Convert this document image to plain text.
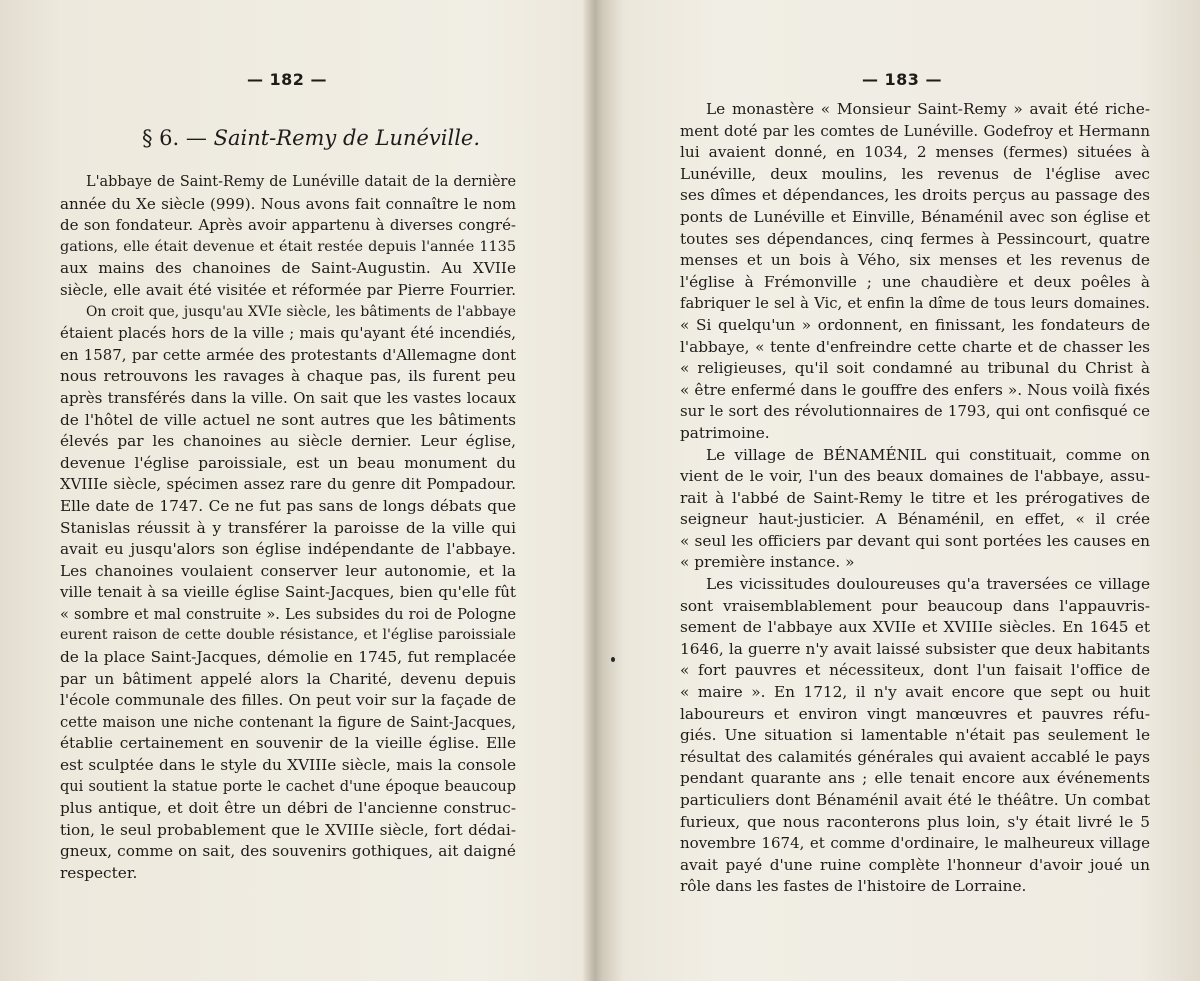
— 182 —
§ 6. — Saint-Remy de Lunéville.
L'abbaye de Saint-Remy de Lunéville datait de la dernière
année du Xe siècle (999). Nous avons fait connaître le nom
de son fondateur. Après avoir appartenu à diverses congré-
gations, elle était devenue et était restée depuis l'année 1135
aux mains des chanoines de Saint-Augustin. Au XVIIe
siècle, elle avait été visitée et réformée par Pierre Fourrier.
On croit que, jusqu'au XVIe siècle, les bâtiments de l'abbaye
étaient placés hors de la ville ; mais qu'ayant été incendiés,
en 1587, par cette armée des protestants d'Allemagne dont
nous retrouvons les ravages à chaque pas, ils furent peu
après transférés dans la ville. On sait que les vastes locaux
de l'hôtel de ville actuel ne sont autres que les bâtiments
élevés par les chanoines au siècle dernier. Leur église,
devenue l'église paroissiale, est un beau monument du
XVIIIe siècle, spécimen assez rare du genre dit Pompadour.
Elle date de 1747. Ce ne fut pas sans de longs débats que
Stanislas réussit à y transférer la paroisse de la ville qui
avait eu jusqu'alors son église indépendante de l'abbaye.
Les chanoines voulaient conserver leur autonomie, et la
ville tenait à sa vieille église Saint-Jacques, bien qu'elle fût
« sombre et mal construite ». Les subsides du roi de Pologne
eurent raison de cette double résistance, et l'église paroissiale
de la place Saint-Jacques, démolie en 1745, fut remplacée
par un bâtiment appelé alors la Charité, devenu depuis
l'école communale des filles. On peut voir sur la façade de
cette maison une niche contenant la figure de Saint-Jacques,
établie certainement en souvenir de la vieille église. Elle
est sculptée dans le style du XVIIIe siècle, mais la console
qui soutient la statue porte le cachet d'une époque beaucoup
plus antique, et doit être un débri de l'ancienne construc-
tion, le seul probablement que le XVIIIe siècle, fort dédai-
gneux, comme on sait, des souvenirs gothiques, ait daigné
respecter.
— 183 —
Le monastère « Monsieur Saint-Remy » avait été riche-
ment doté par les comtes de Lunéville. Godefroy et Hermann
lui avaient donné, en 1034, 2 menses (fermes) situées à
Lunéville, deux moulins, les revenus de l'église avec
ses dîmes et dépendances, les droits perçus au passage des
ponts de Lunéville et Einville, Bénaménil avec son église et
toutes ses dépendances, cinq fermes à Pessincourt, quatre
menses et un bois à Vého, six menses et les revenus de
l'église à Frémonville ; une chaudière et deux poêles à
fabriquer le sel à Vic, et enfin la dîme de tous leurs domaines.
« Si quelqu'un » ordonnent, en finissant, les fondateurs de
l'abbaye, « tente d'enfreindre cette charte et de chasser les
« religieuses, qu'il soit condamné au tribunal du Christ à
« être enfermé dans le gouffre des enfers ». Nous voilà fixés
sur le sort des révolutionnaires de 1793, qui ont confisqué ce
patrimoine.
Le village de BÉNAMÉNIL qui constituait, comme on
vient de le voir, l'un des beaux domaines de l'abbaye, assu-
rait à l'abbé de Saint-Remy le titre et les prérogatives de
seigneur haut-justicier. A Bénaménil, en effet, « il crée
« seul les officiers par devant qui sont portées les causes en
« première instance. »
Les vicissitudes douloureuses qu'a traversées ce village
sont vraisemblablement pour beaucoup dans l'appauvris-
sement de l'abbaye aux XVIIe et XVIIIe siècles. En 1645 et
1646, la guerre n'y avait laissé subsister que deux habitants
« fort pauvres et nécessiteux, dont l'un faisait l'office de
« maire ». En 1712, il n'y avait encore que sept ou huit
laboureurs et environ vingt manœuvres et pauvres réfu-
giés. Une situation si lamentable n'était pas seulement le
résultat des calamités générales qui avaient accablé le pays
pendant quarante ans ; elle tenait encore aux événements
particuliers dont Bénaménil avait été le théâtre. Un combat
furieux, que nous raconterons plus loin, s'y était livré le 5
novembre 1674, et comme d'ordinaire, le malheureux village
avait payé d'une ruine complète l'honneur d'avoir joué un
rôle dans les fastes de l'histoire de Lorraine.
